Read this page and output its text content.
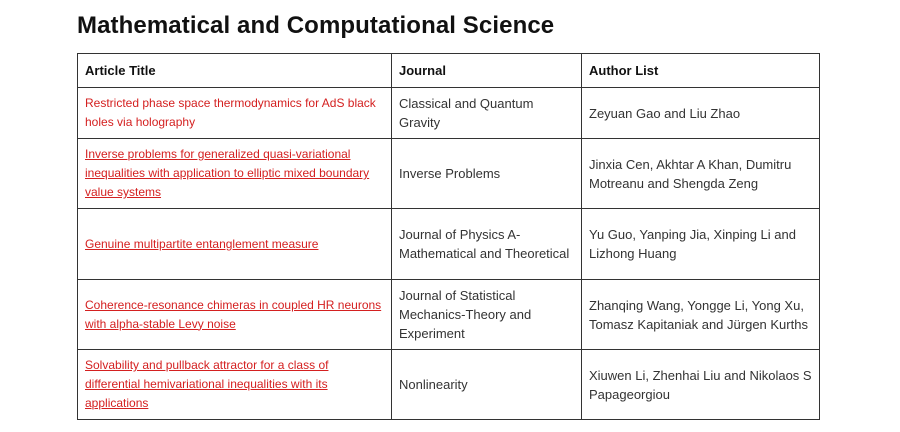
Mathematical and Computational Science
Article Title	Journal	Author List
Restricted phase space thermodynamics for AdS black holes via holography	Classical and Quantum Gravity	Zeyuan Gao and Liu Zhao
Inverse problems for generalized quasi-variational inequalities with application to elliptic mixed boundary value systems	Inverse Problems	Jinxia Cen, Akhtar A Khan, Dumitru Motreanu and Shengda Zeng
Genuine multipartite entanglement measure	Journal of Physics A-Mathematical and Theoretical	Yu Guo, Yanping Jia, Xinping Li and Lizhong Huang
Coherence-resonance chimeras in coupled HR neurons with alpha-stable Levy noise	Journal of Statistical Mechanics-Theory and Experiment	Zhanqing Wang, Yongge Li, Yong Xu, Tomasz Kapitaniak and Jürgen Kurths
Solvability and pullback attractor for a class of differential hemivariational inequalities with its applications	Nonlinearity	Xiuwen Li, Zhenhai Liu and Nikolaos S Papageorgiou
